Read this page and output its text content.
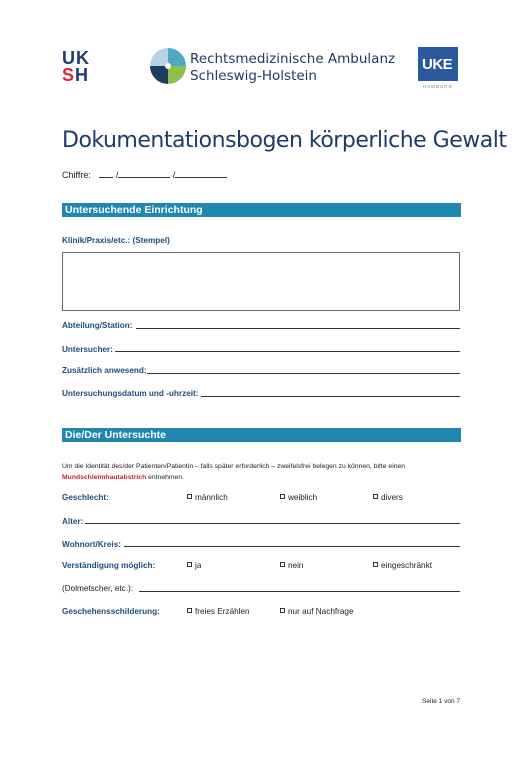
UK
SH
Rechtsmedizinische Ambulanz
Schleswig-Holstein
UKE
HAMBURG
Dokumentationsbogen körperliche Gewalt
Chiffre:	/	/
Untersuchende Einrichtung
Klinik/Praxis/etc.: (Stempel)
Abteilung/Station:
Untersucher:
Zusätzlich anwesend:
Untersuchungsdatum und -uhrzeit:
Die/Der Untersuchte
Um die Identität des/der Patienten/Patientin – falls später erforderlich – zweifelsfrei belegen zu können, bitte einen
Mundschleimhautabstrich entnehmen.
Geschlecht:	männlich	weiblich	divers
Alter:
Wohnort/Kreis:
Verständigung möglich:	ja	nein	eingeschränkt
(Dolmetscher, etc.):
Geschehensschilderung:	freies Erzählen	nur auf Nachfrage
Seite 1 von 7
